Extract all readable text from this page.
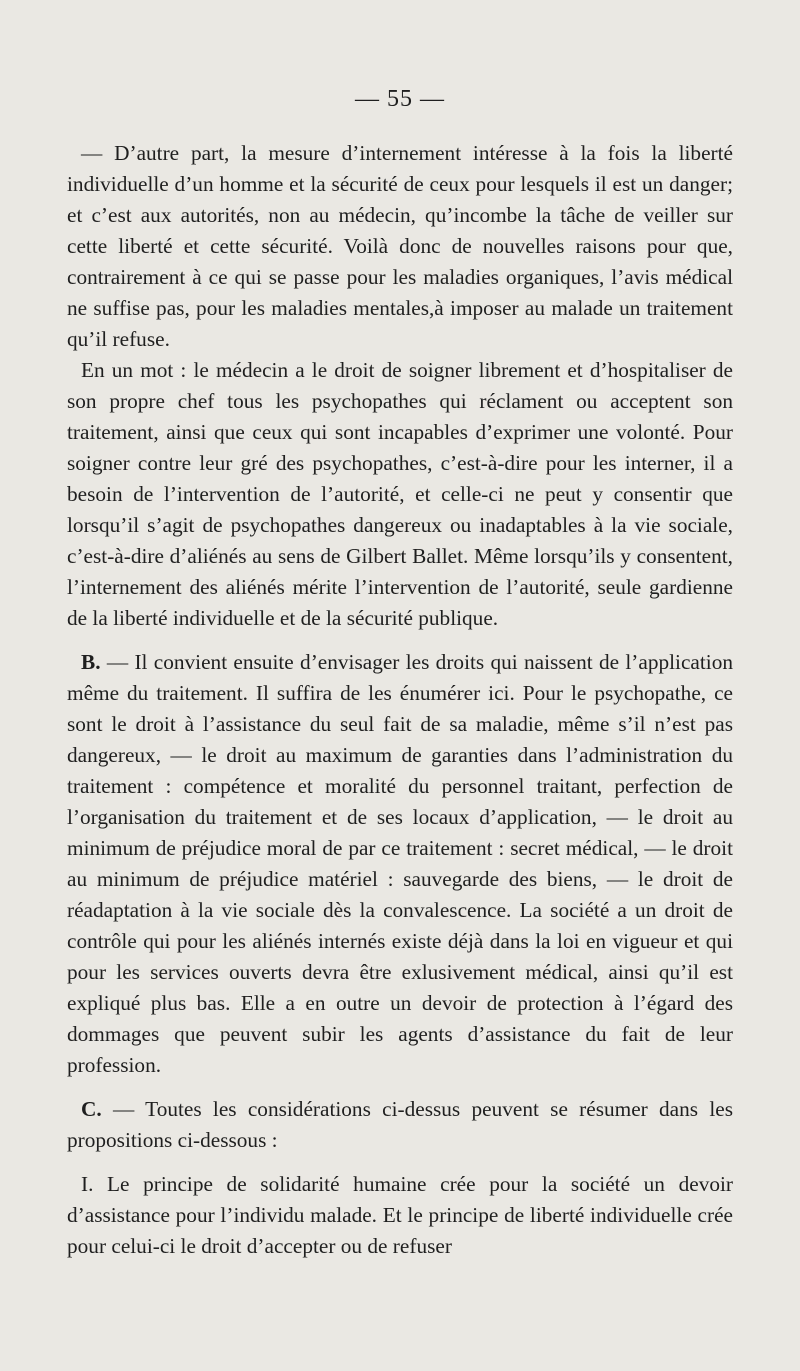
— 55 —

— D’autre part, la mesure d’internement intéresse à la fois la liberté individuelle d’un homme et la sécurité de ceux pour lesquels il est un danger; et c’est aux autorités, non au médecin, qu’incombe la tâche de veiller sur cette liberté et cette sécurité. Voilà donc de nouvelles raisons pour que, contrairement à ce qui se passe pour les maladies organiques, l’avis médical ne suffise pas, pour les maladies mentales,à imposer au malade un traitement qu’il refuse.

En un mot : le médecin a le droit de soigner librement et d’hospitaliser de son propre chef tous les psychopathes qui réclament ou acceptent son traitement, ainsi que ceux qui sont incapables d’exprimer une volonté. Pour soigner contre leur gré des psychopathes, c’est-à-dire pour les interner, il a besoin de l’intervention de l’autorité, et celle-ci ne peut y consentir que lorsqu’il s’agit de psychopathes dangereux ou inadaptables à la vie sociale, c’est-à-dire d’aliénés au sens de Gilbert Ballet. Même lorsqu’ils y consentent, l’internement des aliénés mérite l’intervention de l’autorité, seule gardienne de la liberté individuelle et de la sécurité publique.

B. — Il convient ensuite d’envisager les droits qui naissent de l’application même du traitement. Il suffira de les énumérer ici. Pour le psychopathe, ce sont le droit à l’assistance du seul fait de sa maladie, même s’il n’est pas dangereux, — le droit au maximum de garanties dans l’administration du traitement : compétence et moralité du personnel traitant, perfection de l’organisation du traitement et de ses locaux d’application, — le droit au minimum de préjudice moral de par ce traitement : secret médical, — le droit au minimum de préjudice matériel : sauvegarde des biens, — le droit de réadaptation à la vie sociale dès la convalescence. La société a un droit de contrôle qui pour les aliénés internés existe déjà dans la loi en vigueur et qui pour les services ouverts devra être exlusivement médical, ainsi qu’il est expliqué plus bas. Elle a en outre un devoir de protection à l’égard des dommages que peuvent subir les agents d’assistance du fait de leur profession.

C. — Toutes les considérations ci-dessus peuvent se résumer dans les propositions ci-dessous :

I. Le principe de solidarité humaine crée pour la société un devoir d’assistance pour l’individu malade. Et le principe de liberté individuelle crée pour celui-ci le droit d’accepter ou de refuser
